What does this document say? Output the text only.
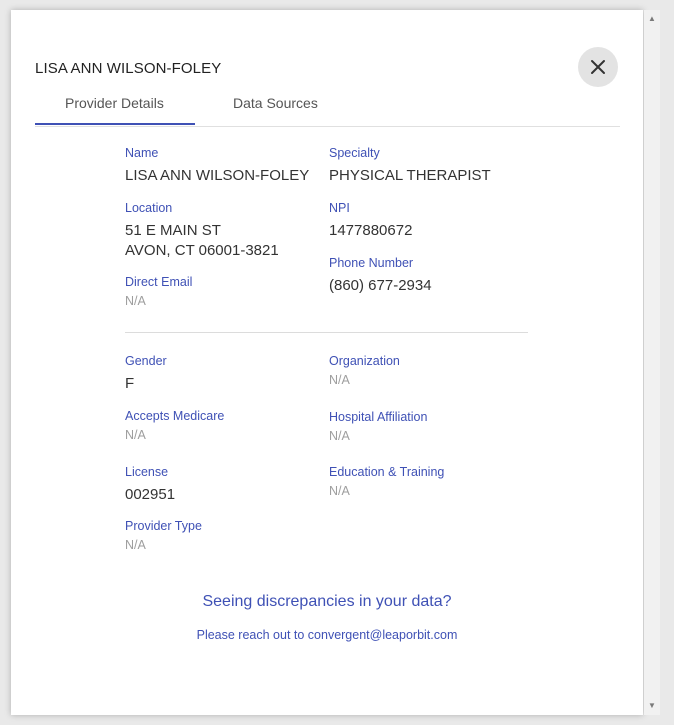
LISA ANN WILSON-FOLEY
Provider Details	Data Sources
Name
LISA ANN WILSON-FOLEY
Specialty
PHYSICAL THERAPIST
Location
51 E MAIN ST
AVON, CT 06001-3821
NPI
1477880672
Direct Email
N/A
Phone Number
(860) 677-2934
Gender
F
Organization
N/A
Accepts Medicare
N/A
Hospital Affiliation
N/A
License
002951
Education & Training
N/A
Provider Type
N/A
Seeing discrepancies in your data?
Please reach out to convergent@leaporbit.com
▲
▼
